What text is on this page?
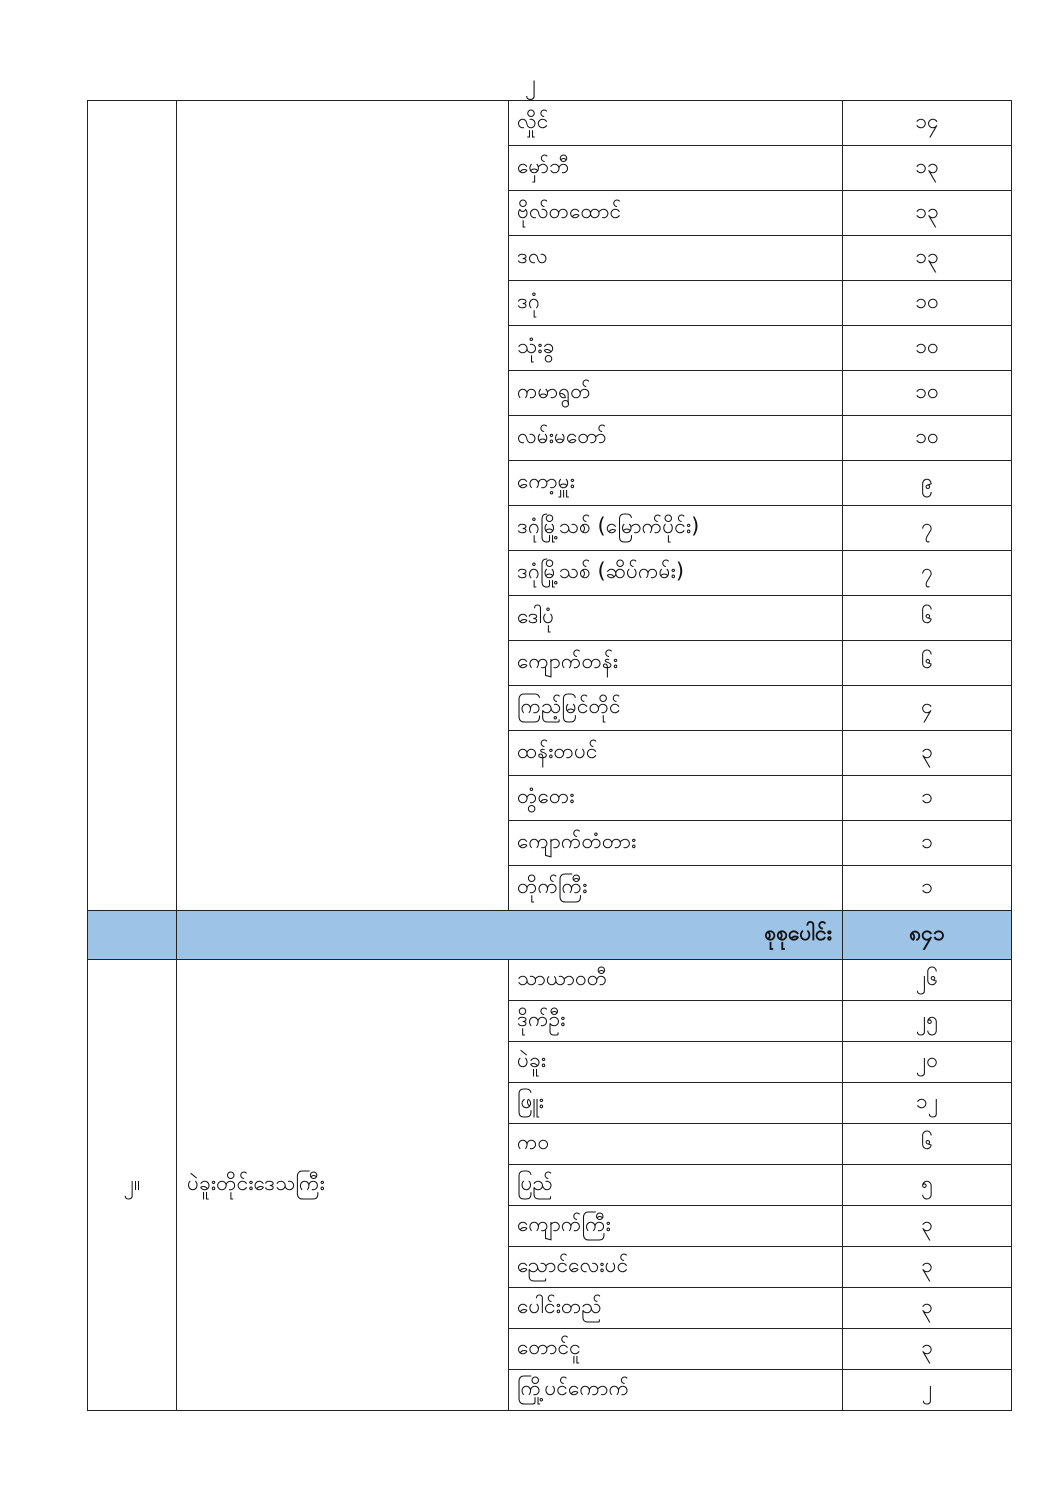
၂
		လှိုင်	၁၄
		မှော်ဘီ	၁၃
		ဗိုလ်တထောင်	၁၃
		ဒလ	၁၃
		ဒဂုံ	၁၀
		သုံးခွ	၁၀
		ကမာရွတ်	၁၀
		လမ်းမတော်	၁၀
		ကော့မှူး	၉
		ဒဂုံမြို့သစ် (မြောက်ပိုင်း)	၇
		ဒဂုံမြို့သစ် (ဆိပ်ကမ်း)	၇
		ဒေါပုံ	၆
		ကျောက်တန်း	၆
		ကြည့်မြင်တိုင်	၄
		ထန်းတပင်	၃
		တွံတေး	၁
		ကျောက်တံတား	၁
		တိုက်ကြီး	၁
	စုစုပေါင်း		၈၄၁
၂။	ပဲခူးတိုင်းဒေသကြီး	သာယာဝတီ	၂၆
		ဒိုက်ဦး	၂၅
		ပဲခူး	၂၀
		ဖြူး	၁၂
		ကဝ	၆
		ပြည်	၅
		ကျောက်ကြီး	၃
		ညောင်လေးပင်	၃
		ပေါင်းတည်	၃
		တောင်ငူ	၃
		ကြို့ပင်ကောက်	၂
